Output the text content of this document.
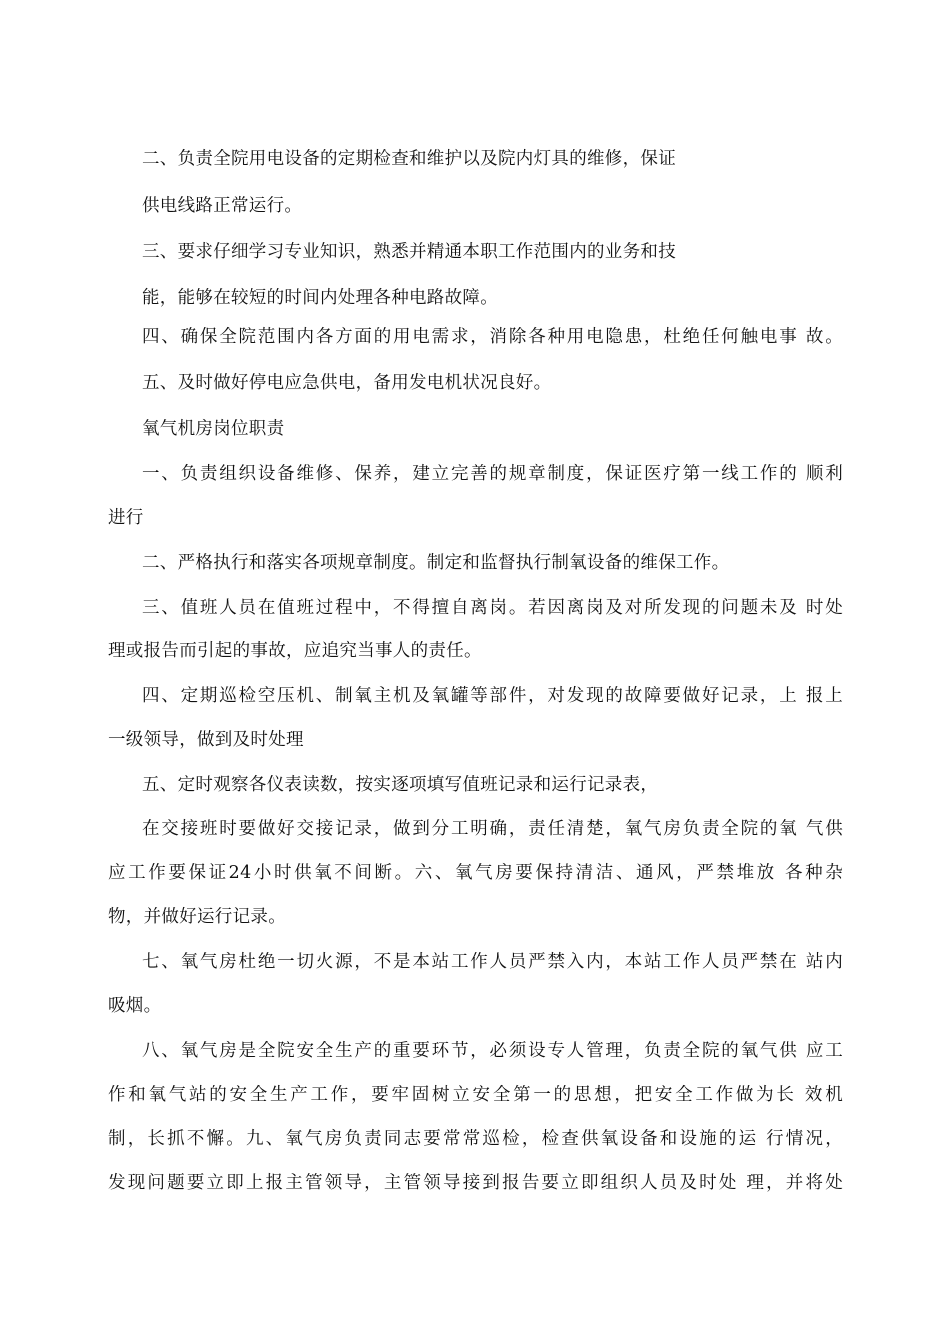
二、负责全院用电设备的定期检查和维护以及院内灯具的维修，保证
供电线路正常运行。
三、要求仔细学习专业知识，熟悉并精通本职工作范围内的业务和技
能，能够在较短的时间内处理各种电路故障。
四、确保全院范围内各方面的用电需求，消除各种用电隐患，杜绝任何触电事 故。
五、及时做好停电应急供电，备用发电机状况良好。
氧气机房岗位职责
一、负责组织设备维修、保养，建立完善的规章制度，保证医疗第一线工作的 顺利
进行
二、严格执行和落实各项规章制度。制定和监督执行制氧设备的维保工作。
三、值班人员在值班过程中，不得擅自离岗。若因离岗及对所发现的问题未及 时处
理或报告而引起的事故，应追究当事人的责任。
四、定期巡检空压机、制氧主机及氧罐等部件，对发现的故障要做好记录，上 报上
一级领导，做到及时处理
五、定时观察各仪表读数，按实逐项填写值班记录和运行记录表，
在交接班时要做好交接记录，做到分工明确，责任清楚，氧气房负责全院的氧 气供
应工作要保证24小时供氧不间断。六、氧气房要保持清洁、通风，严禁堆放 各种杂
物，并做好运行记录。
七、氧气房杜绝一切火源，不是本站工作人员严禁入内，本站工作人员严禁在 站内
吸烟。
八、氧气房是全院安全生产的重要环节，必须设专人管理，负责全院的氧气供 应工
作和氧气站的安全生产工作，要牢固树立安全第一的思想，把安全工作做为长 效机
制，长抓不懈。九、氧气房负责同志要常常巡检，检查供氧设备和设施的运 行情况，
发现问题要立即上报主管领导，主管领导接到报告要立即组织人员及时处 理，并将处
